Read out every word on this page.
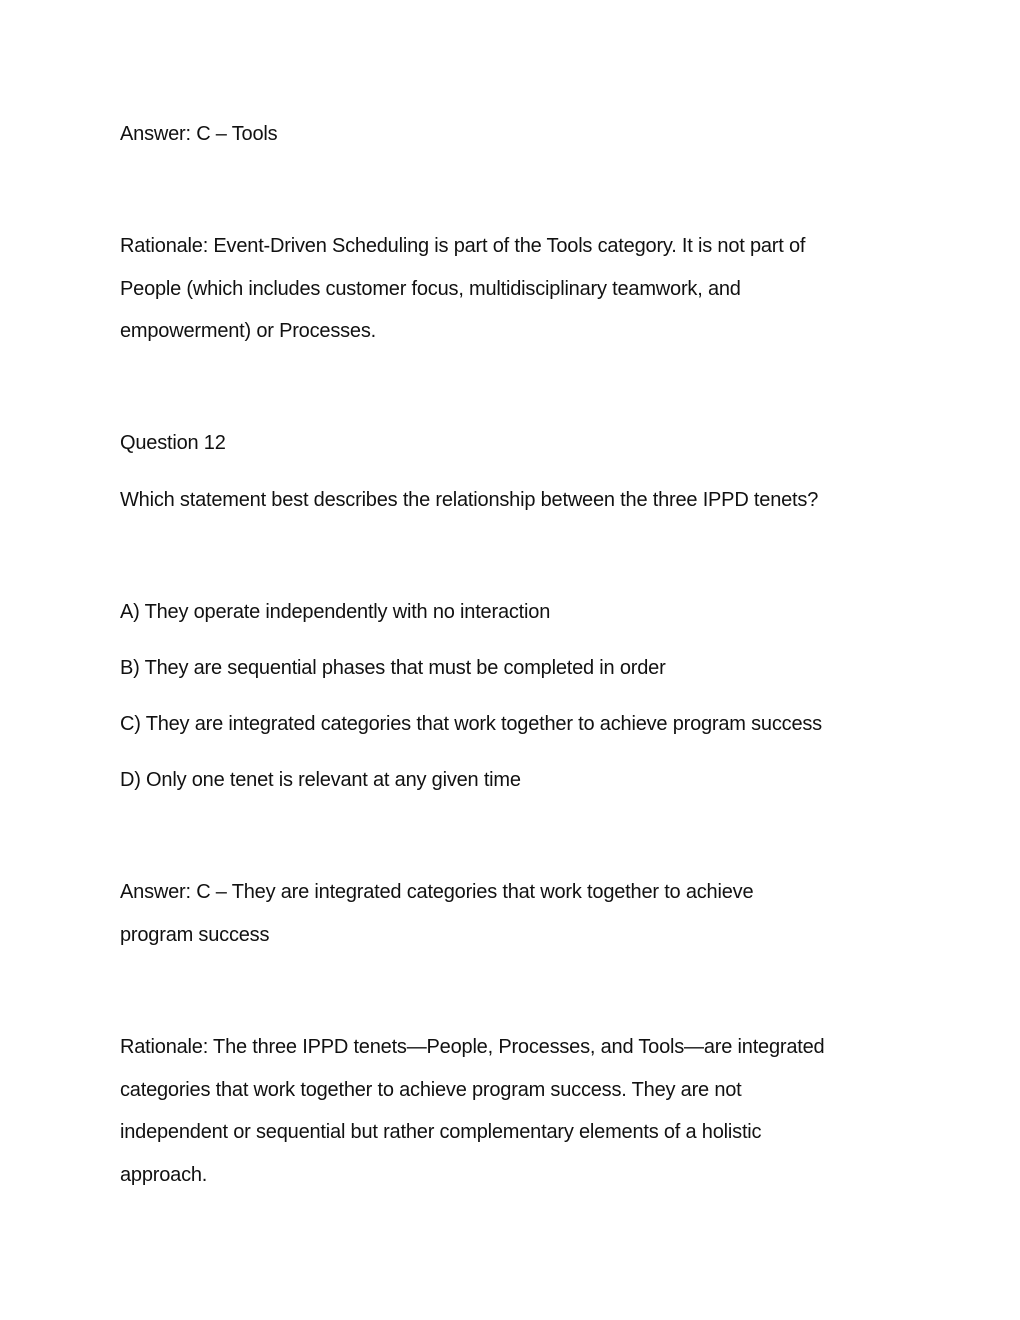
Answer: C – Tools
Rationale: Event-Driven Scheduling is part of the Tools category. It is not part of
People (which includes customer focus, multidisciplinary teamwork, and
empowerment) or Processes.
Question 12
Which statement best describes the relationship between the three IPPD tenets?
A) They operate independently with no interaction
B) They are sequential phases that must be completed in order
C) They are integrated categories that work together to achieve program success
D) Only one tenet is relevant at any given time
Answer: C – They are integrated categories that work together to achieve
program success
Rationale: The three IPPD tenets—People, Processes, and Tools—are integrated
categories that work together to achieve program success. They are not
independent or sequential but rather complementary elements of a holistic
approach.
